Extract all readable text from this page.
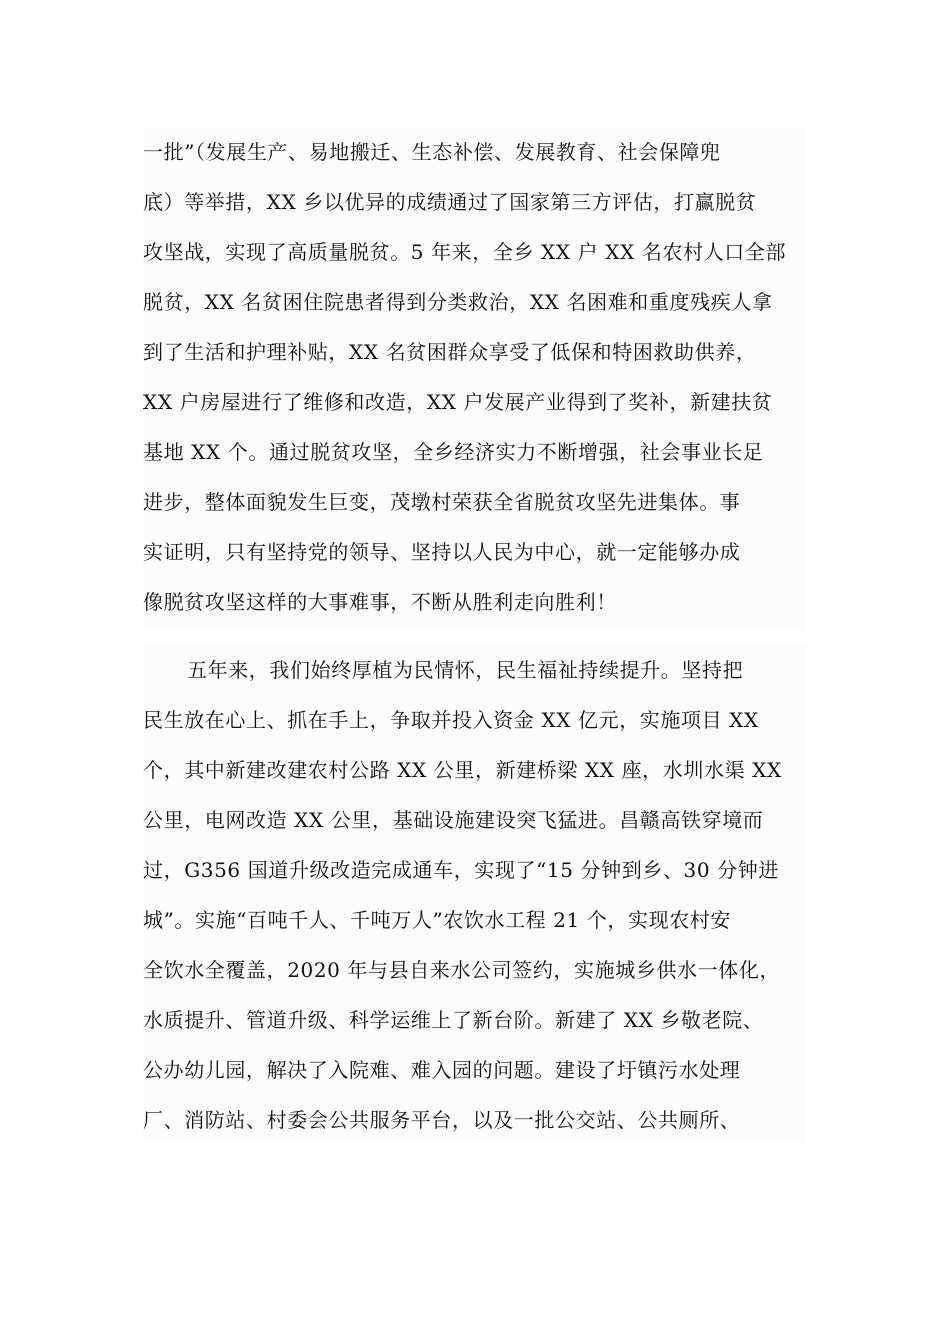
一批”（发展生产、易地搬迁、生态补偿、发展教育、社会保障兜
底）等举措，XX 乡以优异的成绩通过了国家第三方评估，打赢脱贫
攻坚战，实现了高质量脱贫。5 年来，全乡 XX 户 XX 名农村人口全部
脱贫，XX 名贫困住院患者得到分类救治，XX 名困难和重度残疾人拿
到了生活和护理补贴，XX 名贫困群众享受了低保和特困救助供养，
XX 户房屋进行了维修和改造，XX 户发展产业得到了奖补，新建扶贫
基地 XX 个。通过脱贫攻坚，全乡经济实力不断增强，社会事业长足
进步，整体面貌发生巨变，茂墩村荣获全省脱贫攻坚先进集体。事
实证明，只有坚持党的领导、坚持以人民为中心，就一定能够办成
像脱贫攻坚这样的大事难事，不断从胜利走向胜利！
五年来，我们始终厚植为民情怀，民生福祉持续提升。坚持把
民生放在心上、抓在手上，争取并投入资金 XX 亿元，实施项目 XX
个，其中新建改建农村公路 XX 公里，新建桥梁 XX 座，水圳水渠 XX
公里，电网改造 XX 公里，基础设施建设突飞猛进。昌赣高铁穿境而
过，G356 国道升级改造完成通车，实现了“15 分钟到乡、30 分钟进
城”。实施“百吨千人、千吨万人”农饮水工程 21 个，实现农村安
全饮水全覆盖，2020 年与县自来水公司签约，实施城乡供水一体化，
水质提升、管道升级、科学运维上了新台阶。新建了 XX 乡敬老院、
公办幼儿园，解决了入院难、难入园的问题。建设了圩镇污水处理
厂、消防站、村委会公共服务平台，以及一批公交站、公共厕所、
